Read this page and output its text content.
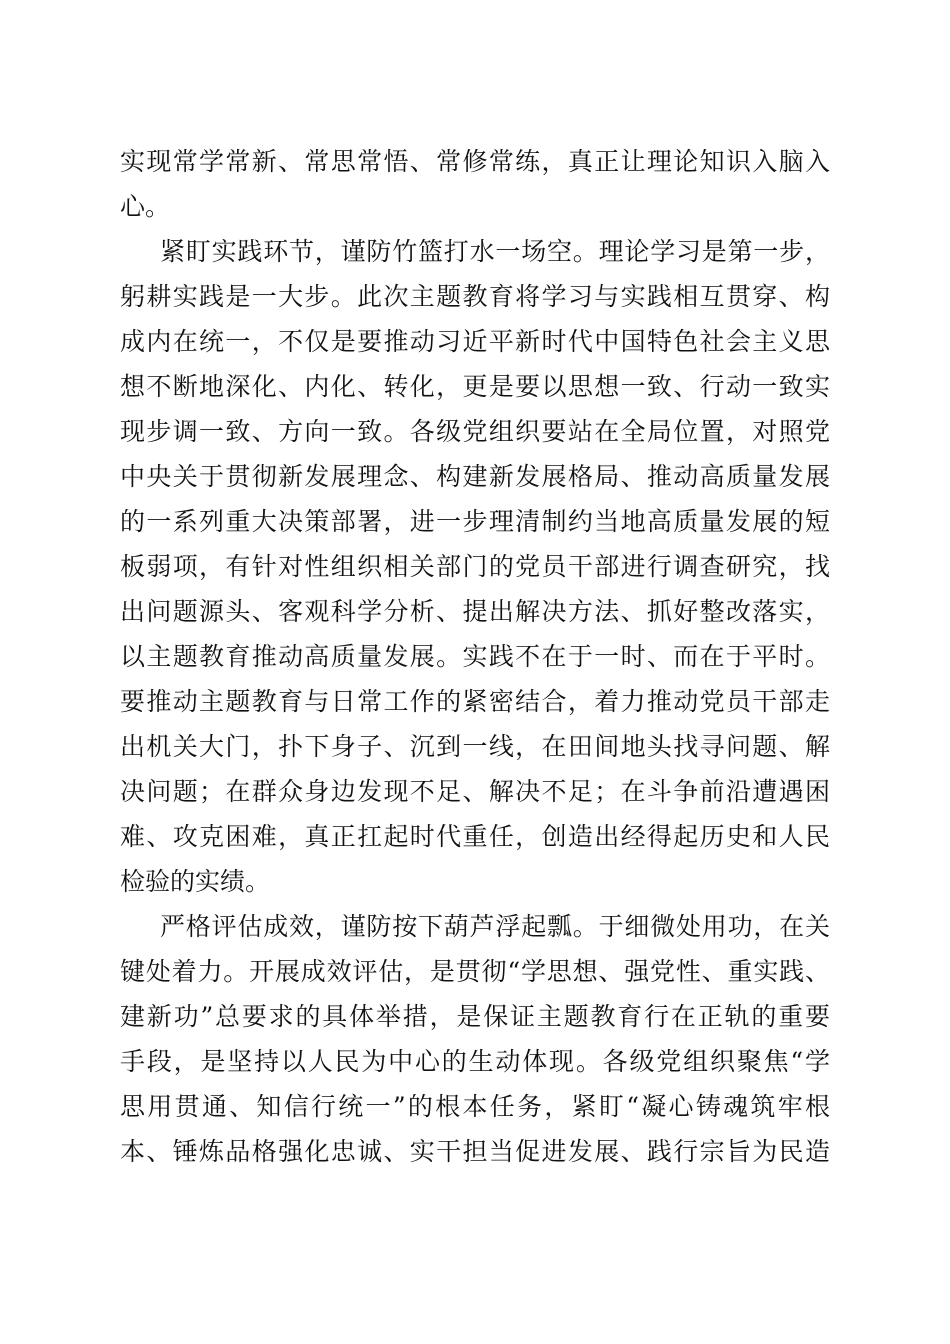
实现常学常新、常思常悟、常修常练，真正让理论知识入脑入
心。
紧盯实践环节，谨防竹篮打水一场空。理论学习是第一步，
躬耕实践是一大步。此次主题教育将学习与实践相互贯穿、构
成内在统一，不仅是要推动习近平新时代中国特色社会主义思
想不断地深化、内化、转化，更是要以思想一致、行动一致实
现步调一致、方向一致。各级党组织要站在全局位置，对照党
中央关于贯彻新发展理念、构建新发展格局、推动高质量发展
的一系列重大决策部署，进一步理清制约当地高质量发展的短
板弱项，有针对性组织相关部门的党员干部进行调查研究，找
出问题源头、客观科学分析、提出解决方法、抓好整改落实，
以主题教育推动高质量发展。实践不在于一时、而在于平时。
要推动主题教育与日常工作的紧密结合，着力推动党员干部走
出机关大门，扑下身子、沉到一线，在田间地头找寻问题、解
决问题；在群众身边发现不足、解决不足；在斗争前沿遭遇困
难、攻克困难，真正扛起时代重任，创造出经得起历史和人民
检验的实绩。
严格评估成效，谨防按下葫芦浮起瓢。于细微处用功，在关
键处着力。开展成效评估，是贯彻“学思想、强党性、重实践、
建新功”总要求的具体举措，是保证主题教育行在正轨的重要
手段，是坚持以人民为中心的生动体现。各级党组织聚焦“学
思用贯通、知信行统一”的根本任务，紧盯“凝心铸魂筑牢根
本、锤炼品格强化忠诚、实干担当促进发展、践行宗旨为民造
